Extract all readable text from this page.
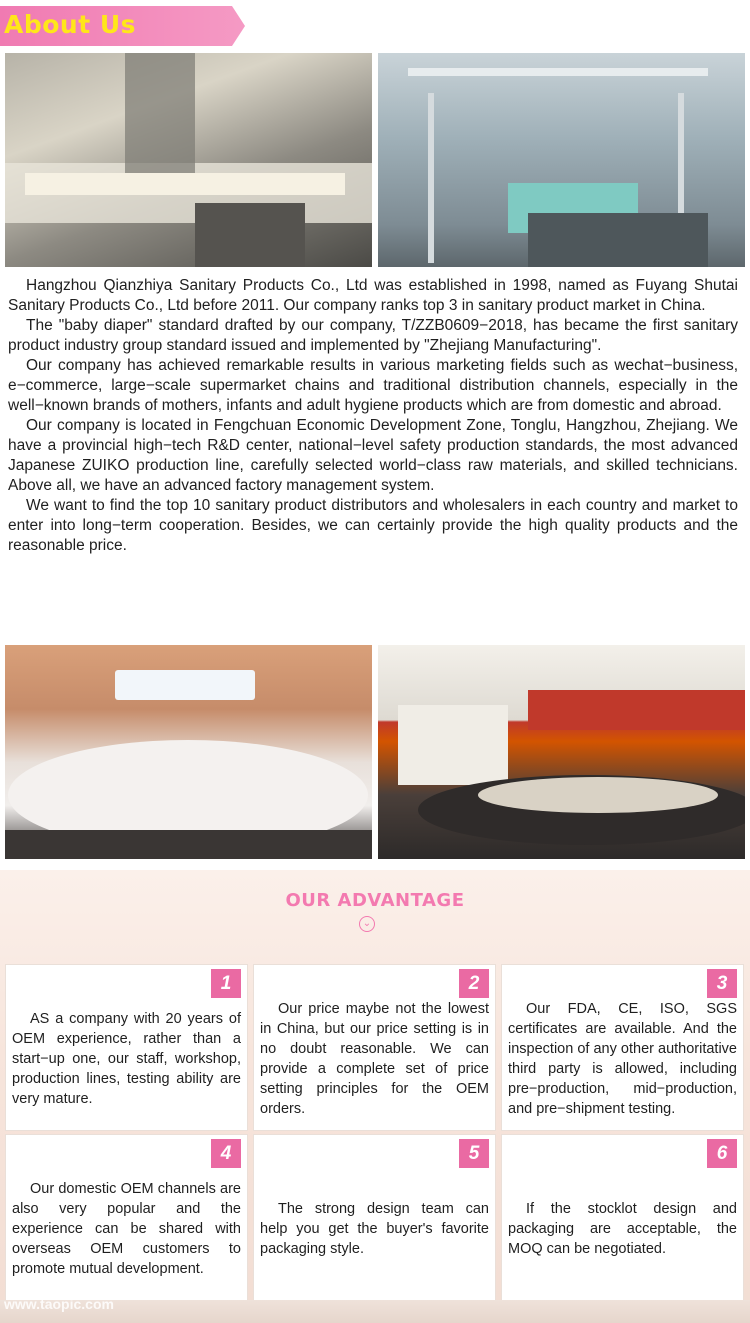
About Us

Hangzhou Qianzhiya Sanitary Products Co., Ltd was established in 1998, named as Fuyang Shutai Sanitary Products Co., Ltd before 2011. Our company ranks top 3 in sanitary product market in China.

The "baby diaper" standard drafted by our company, T/ZZB0609−2018, has became the first sanitary product industry group standard issued and implemented by "Zhejiang Manufacturing".

Our company has achieved remarkable results in various marketing fields such as wechat−business, e−commerce, large−scale supermarket chains and traditional distribution channels, especially in the well−known brands of mothers, infants and adult hygiene products which are from domestic and abroad.

Our company is located in Fengchuan Economic Development Zone, Tonglu, Hangzhou, Zhejiang. We have a provincial high−tech R&D center, national−level safety production standards, the most advanced Japanese ZUIKO production line, carefully selected world−class raw materials, and skilled technicians. Above all, we have an advanced factory management system.

We want to find the top 10 sanitary product distributors and wholesalers in each country and market to enter into long−term cooperation. Besides, we can certainly provide the high quality products and the reasonable price.

OUR ADVANTAGE
⌄
1
AS a company with 20 years of OEM experience, rather than a start−up one, our staff, workshop, production lines, testing ability are very mature.
2
Our price maybe not the lowest in China, but our price setting is in no doubt reasonable. We can provide a complete set of price setting principles for the OEM orders.
3
Our FDA, CE, ISO, SGS certificates are available. And the inspection of any other authoritative third party is allowed, including pre−production, mid−production, and pre−shipment testing.
4
Our domestic OEM channels are also very popular and the experience can be shared with overseas OEM customers to promote mutual development.
5
The strong design team can help you get the buyer's favorite packaging style.
6
If the stocklot design and packaging are acceptable, the MOQ can be negotiated.
www.taopic.com
